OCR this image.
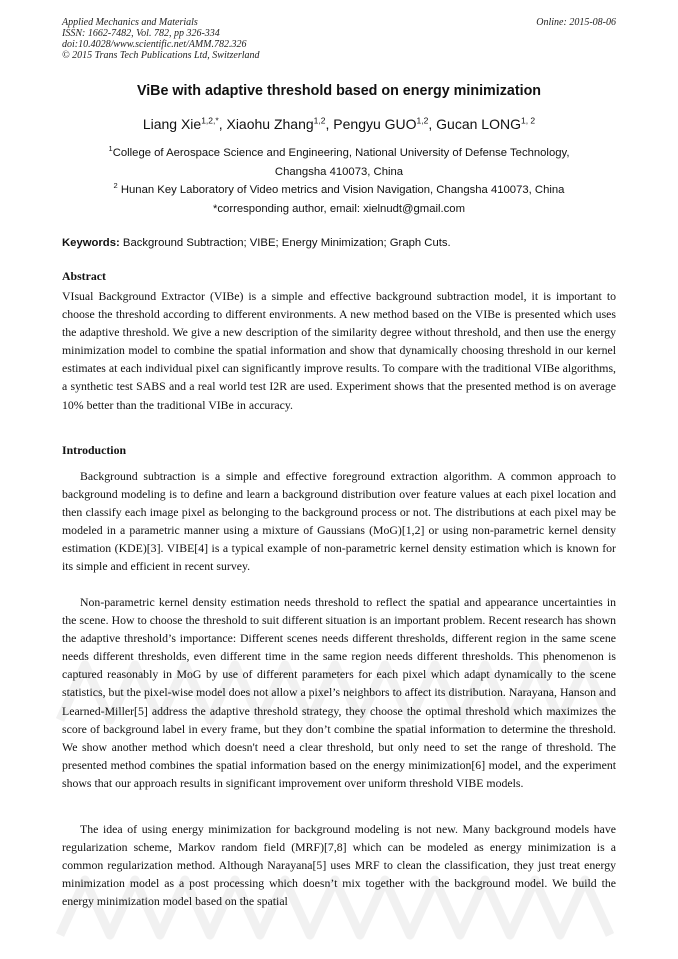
Applied Mechanics and Materials
ISSN: 1662-7482, Vol. 782, pp 326-334
doi:10.4028/www.scientific.net/AMM.782.326
© 2015 Trans Tech Publications Ltd, Switzerland
Online: 2015-08-06
ViBe with adaptive threshold based on energy minimization
Liang Xie$^{1,2,*}$, Xiaohu Zhang$^{1,2}$, Pengyu GUO$^{1,2}$, Gucan LONG$^{1, 2}$
$^1$College of Aerospace Science and Engineering, National University of Defense Technology,
Changsha 410073, China
$^2$ Hunan Key Laboratory of Video metrics and Vision Navigation, Changsha 410073, China
*corresponding author, email: xielnudt@gmail.com
Keywords: Background Subtraction; VIBE; Energy Minimization; Graph Cuts.
Abstract

VIsual Background Extractor (VIBe) is a simple and effective background subtraction model, it is important to choose the threshold according to different environments. A new method based on the VIBe is presented which uses the adaptive threshold. We give a new description of the similarity degree without threshold, and then use the energy minimization model to combine the spatial information and show that dynamically choosing threshold in our kernel estimates at each individual pixel can significantly improve results. To compare with the traditional VIBe algorithms, a synthetic test SABS and a real world test I2R are used. Experiment shows that the presented method is on average 10% better than the traditional VIBe in accuracy.

Introduction

Background subtraction is a simple and effective foreground extraction algorithm. A common approach to background modeling is to define and learn a background distribution over feature values at each pixel location and then classify each image pixel as belonging to the background process or not. The distributions at each pixel may be modeled in a parametric manner using a mixture of Gaussians (MoG)[1,2] or using non-parametric kernel density estimation (KDE)[3]. VIBE[4] is a typical example of non-parametric kernel density estimation which is known for its simple and efficient in recent survey.

Non-parametric kernel density estimation needs threshold to reflect the spatial and appearance uncertainties in the scene. How to choose the threshold to suit different situation is an important problem. Recent research has shown the adaptive threshold’s importance: Different scenes needs different thresholds, different region in the same scene needs different thresholds, even different time in the same region needs different thresholds. This phenomenon is captured reasonably in MoG by use of different parameters for each pixel which adapt dynamically to the scene statistics, but the pixel-wise model does not allow a pixel’s neighbors to affect its distribution. Narayana, Hanson and Learned-Miller[5] address the adaptive threshold strategy, they choose the optimal threshold which maximizes the score of background label in every frame, but they don’t combine the spatial information to determine the threshold. We show another method which doesn't need a clear threshold, but only need to set the range of threshold. The presented method combines the spatial information based on the energy minimization[6] model, and the experiment shows that our approach results in significant improvement over uniform threshold VIBE models.

The idea of using energy minimization for background modeling is not new. Many background models have regularization scheme, Markov random field (MRF)[7,8] which can be modeled as energy minimization is a common regularization method. Although Narayana[5] uses MRF to clean the classification, they just treat energy minimization model as a post processing which doesn’t mix together with the background model. We build the energy minimization model based on the spatial
